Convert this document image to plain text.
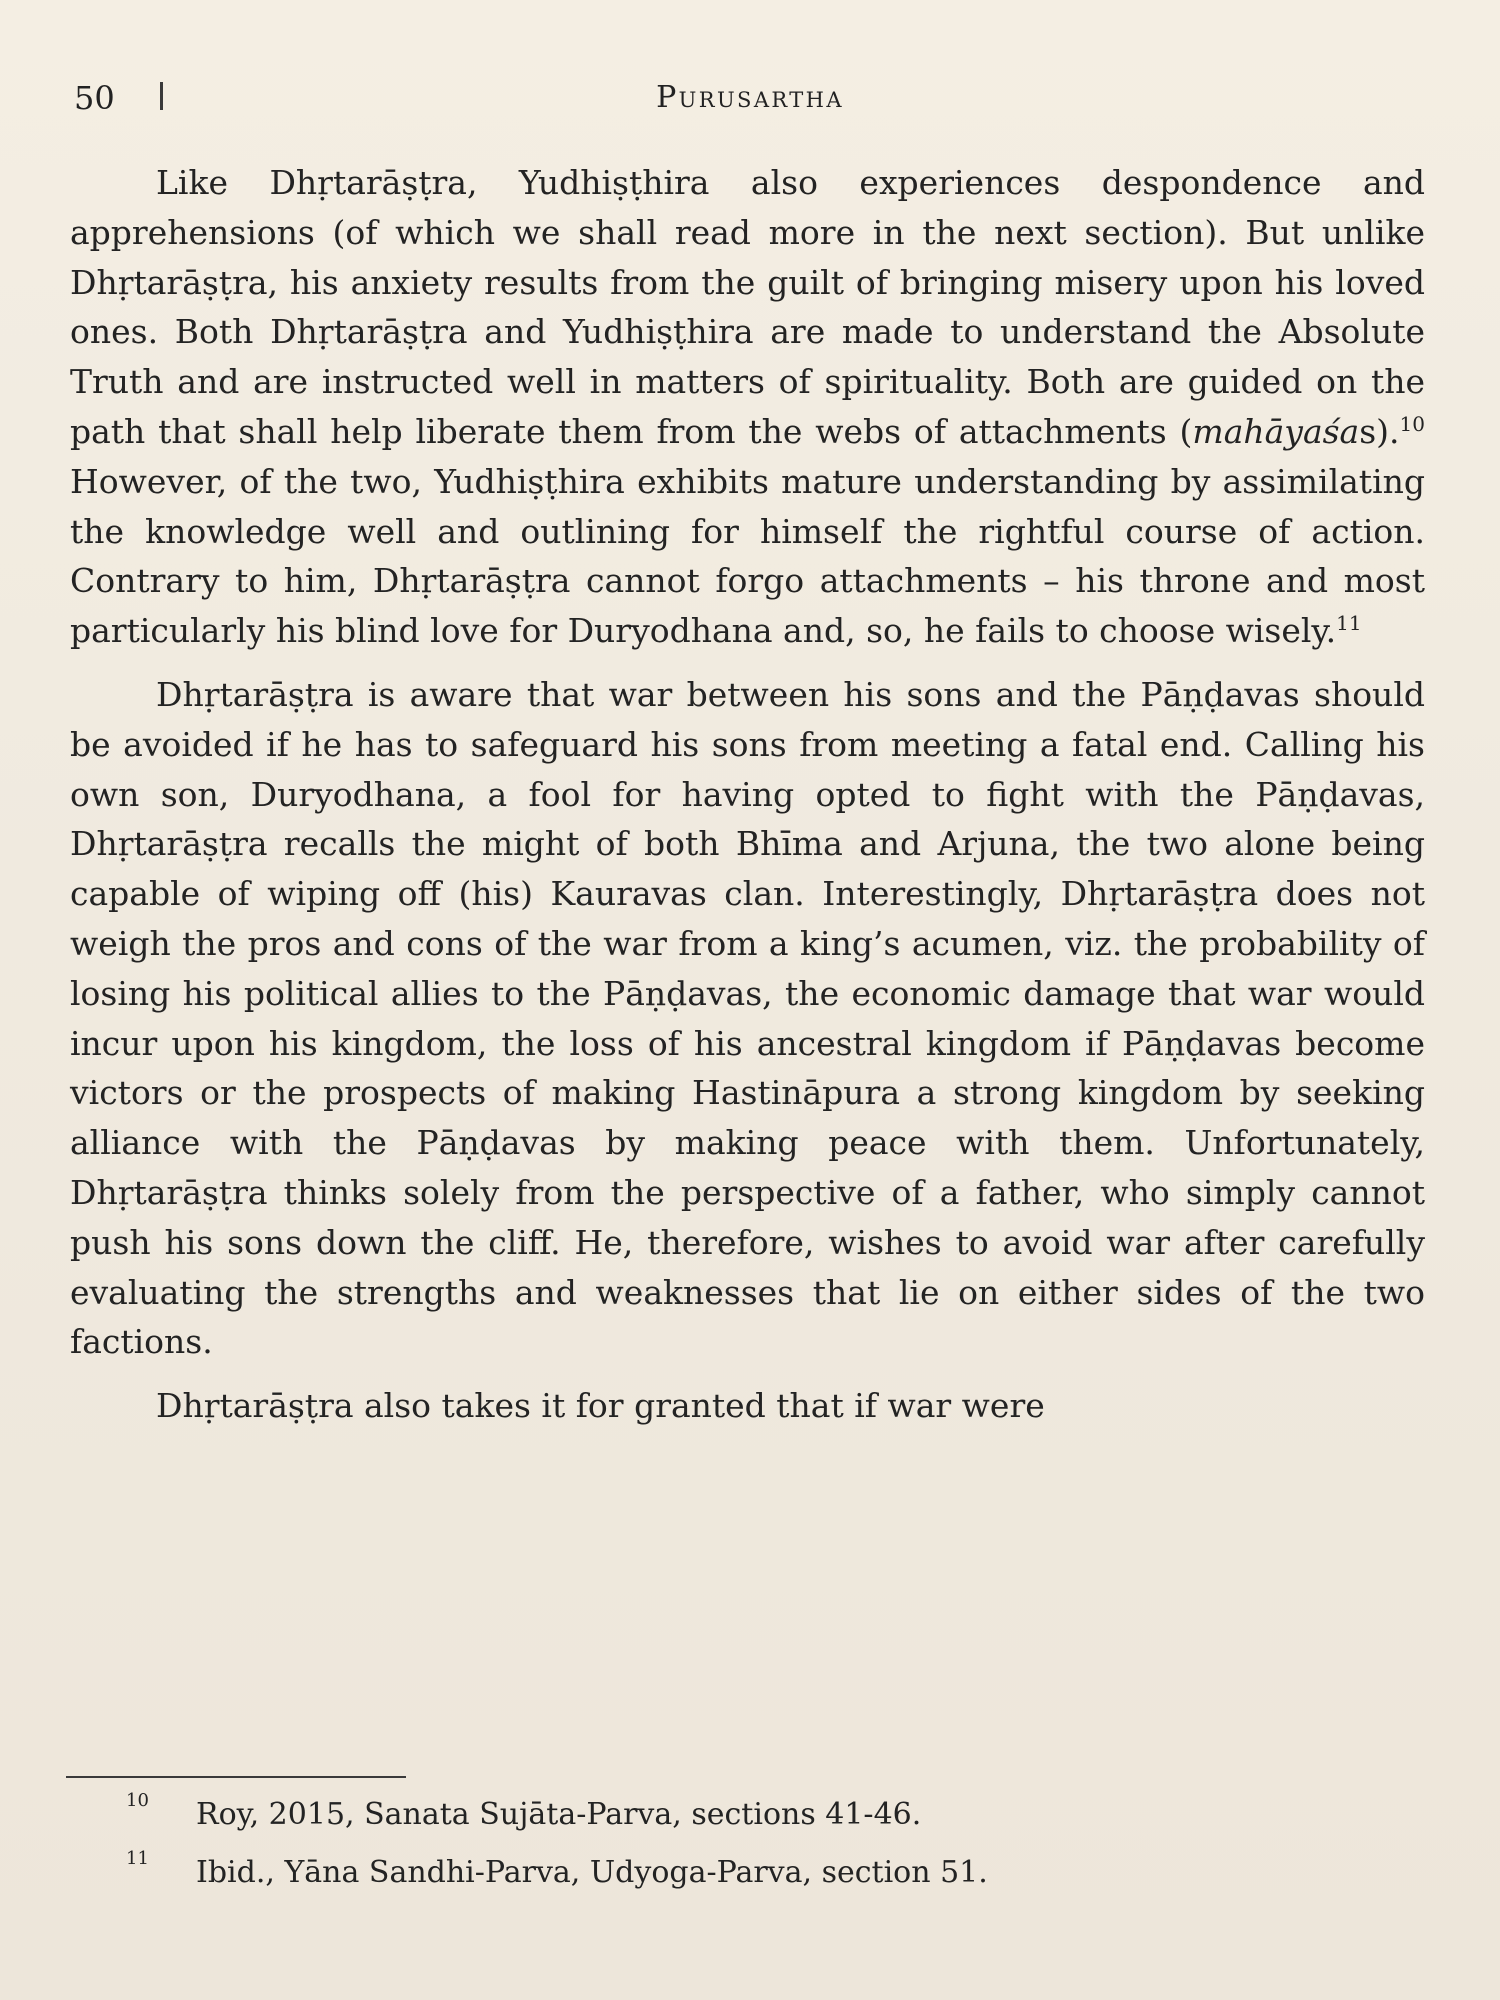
50	Purusartha

Like Dhṛtarāṣṭra, Yudhiṣṭhira also experiences despondence and apprehensions (of which we shall read more in the next section). But unlike Dhṛtarāṣṭra, his anxiety results from the guilt of bringing misery upon his loved ones. Both Dhṛtarāṣṭra and Yudhiṣṭhira are made to understand the Absolute Truth and are instructed well in matters of spirituality. Both are guided on the path that shall help liberate them from the webs of attachments (mahāyaśas).$^{10}$ However, of the two, Yudhiṣṭhira exhibits mature understanding by assimilating the knowledge well and outlining for himself the rightful course of action. Contrary to him, Dhṛtarāṣṭra cannot forgo attachments – his throne and most particularly his blind love for Duryodhana and, so, he fails to choose wisely.$^{11}$

Dhṛtarāṣṭra is aware that war between his sons and the Pāṇḍavas should be avoided if he has to safeguard his sons from meeting a fatal end. Calling his own son, Duryodhana, a fool for having opted to fight with the Pāṇḍavas, Dhṛtarāṣṭra recalls the might of both Bhīma and Arjuna, the two alone being capable of wiping off (his) Kauravas clan. Interestingly, Dhṛtarāṣṭra does not weigh the pros and cons of the war from a king’s acumen, viz. the probability of losing his political allies to the Pāṇḍavas, the economic damage that war would incur upon his kingdom, the loss of his ancestral kingdom if Pāṇḍavas become victors or the prospects of making Hastināpura a strong kingdom by seeking alliance with the Pāṇḍavas by making peace with them. Unfortunately, Dhṛtarāṣṭra thinks solely from the perspective of a father, who simply cannot push his sons down the cliff. He, therefore, wishes to avoid war after carefully evaluating the strengths and weaknesses that lie on either sides of the two factions.

Dhṛtarāṣṭra also takes it for granted that if war were

10 Roy, 2015, Sanata Sujāta-Parva, sections 41-46.
11 Ibid., Yāna Sandhi-Parva, Udyoga-Parva, section 51.
